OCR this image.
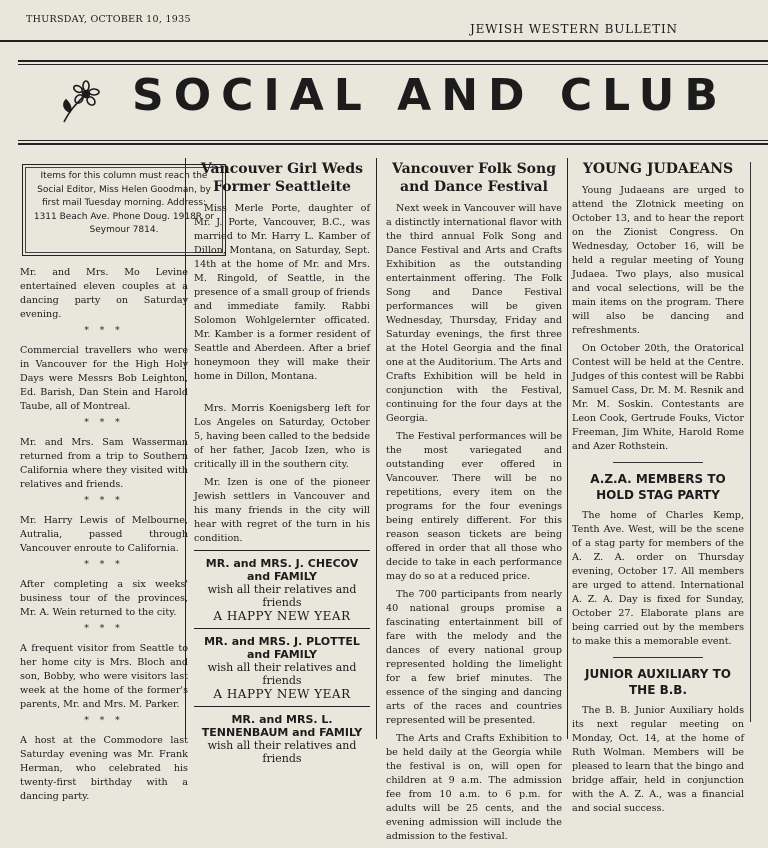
THURSDAY, OCTOBER 10, 1935
JEWISH WESTERN BULLETIN
SOCIAL AND CLUB
Items for this column must reach the Social Editor, Miss Helen Goodman, by first mail Tuesday morning. Address: 1311 Beach Ave. Phone Doug. 1918R or Seymour 7814.

Mr. and Mrs. Mo Levine entertained eleven couples at a dancing party on Saturday evening.

* * *

Commercial travellers who were in Vancouver for the High Holy Days were Messrs Bob Leighton, Ed. Barish, Dan Stein and Harold Taube, all of Montreal.

* * *

Mr. and Mrs. Sam Wasserman returned from a trip to Southern California where they visited with relatives and friends.

* * *

Mr. Harry Lewis of Melbourne, Autralia, passed through Vancouver enroute to California.

* * *

After completing a six weeks' business tour of the provinces, Mr. A. Wein returned to the city.

* * *

A frequent visitor from Seattle to her home city is Mrs. Bloch and son, Bobby, who were visitors last week at the home of the former's parents, Mr. and Mrs. M. Parker.

* * *

A host at the Commodore last Saturday evening was Mr. Frank Herman, who celebrated his twenty-first birthday with a dancing party.

Vancouver Girl Weds Former Seattleite

Miss Merle Porte, daughter of Mr. J. Porte, Vancouver, B.C., was married to Mr. Harry L. Kamber of Dillon, Montana, on Saturday, Sept. 14th at the home of Mr. and Mrs. M. Ringold, of Seattle, in the presence of a small group of friends and immediate family. Rabbi Solomon Wohlgelernter officated. Mr. Kamber is a former resident of Seattle and Aberdeen. After a brief honeymoon they will make their home in Dillon, Montana.

Mrs. Morris Koenigsberg left for Los Angeles on Saturday, October 5, having been called to the bedside of her father, Jacob Izen, who is critically ill in the southern city.

Mr. Izen is one of the pioneer Jewish settlers in Vancouver and his many friends in the city will hear with regret of the turn in his condition.

MR. and MRS. J. CHECOV and FAMILY
wish all their relatives and friends
A HAPPY NEW YEAR
MR. and MRS. J. PLOTTEL and FAMILY
wish all their relatives and friends
A HAPPY NEW YEAR
MR. and MRS. L. TENNENBAUM and FAMILY
wish all their relatives and friends
Vancouver Folk Song and Dance Festival

Next week in Vancouver will have a distinctly international flavor with the third annual Folk Song and Dance Festival and Arts and Crafts Exhibition as the outstanding entertainment offering. The Folk Song and Dance Festival performances will be given Wednesday, Thursday, Friday and Saturday evenings, the first three at the Hotel Georgia and the final one at the Auditorium. The Arts and Crafts Exhibition will be held in conjunction with the Festival, continuing for the four days at the Georgia.

The Festival performances will be the most variegated and outstanding ever offered in Vancouver. There will be no repetitions, every item on the programs for the four evenings being entirely different. For this reason season tickets are being offered in order that all those who decide to take in each performance may do so at a reduced price.

The 700 participants from nearly 40 national groups promise a fascinating entertainment bill of fare with the melody and the dances of every national group represented holding the limelight for a few brief minutes. The essence of the singing and dancing arts of the races and countries represented will be presented.

The Arts and Crafts Exhibition to be held daily at the Georgia while the festival is on, will open for children at 9 a.m. The admission fee from 10 a.m. to 6 p.m. for adults will be 25 cents, and the evening admission will include the admission to the festival.

YOUNG JUDAEANS

Young Judaeans are urged to attend the Zlotnick meeting on October 13, and to hear the report on the Zionist Congress. On Wednesday, October 16, will be held a regular meeting of Young Judaea. Two plays, also musical and vocal selections, will be the main items on the program. There will also be dancing and refreshments.

On October 20th, the Oratorical Contest will be held at the Centre. Judges of this contest will be Rabbi Samuel Cass, Dr. M. M. Resnik and Mr. M. Soskin. Contestants are Leon Cook, Gertrude Fouks, Victor Freeman, Jim White, Harold Rome and Azer Rothstein.

A.Z.A. MEMBERS TO HOLD STAG PARTY

The home of Charles Kemp, Tenth Ave. West, will be the scene of a stag party for members of the A. Z. A. order on Thursday evening, October 17. All members are urged to attend. International A. Z. A. Day is fixed for Sunday, October 27. Elaborate plans are being carried out by the members to make this a memorable event.

JUNIOR AUXILIARY TO THE B.B.

The B. B. Junior Auxiliary holds its next regular meeting on Monday, Oct. 14, at the home of Ruth Wolman. Members will be pleased to learn that the bingo and bridge affair, held in conjunction with the A. Z. A., was a financial and social success.
